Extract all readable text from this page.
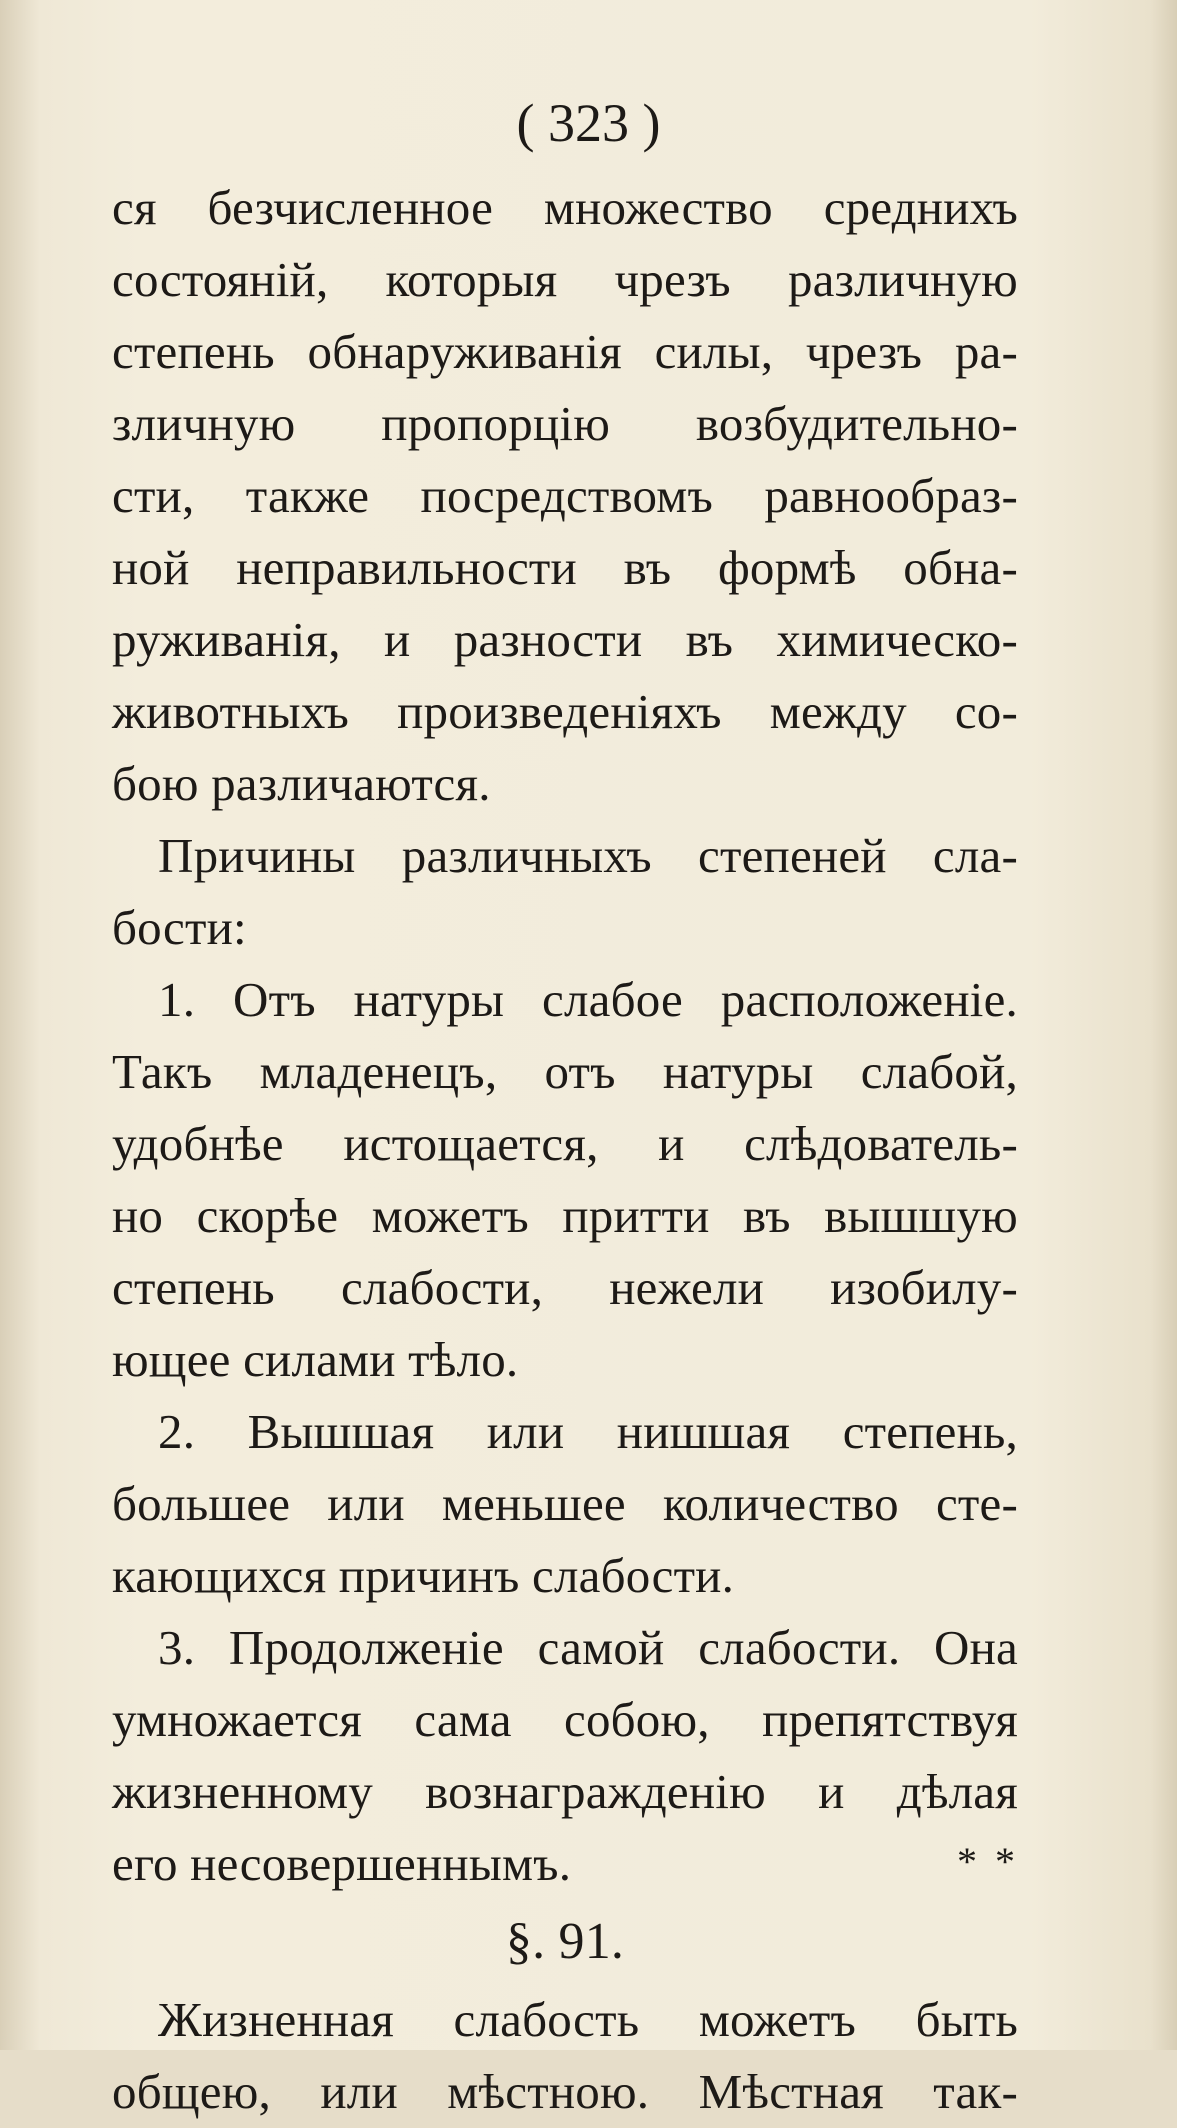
( 323 )
ся безчисленное множество среднихъ
состояній, которыя чрезъ различную
степень обнаруживанія силы, чрезъ ра-
зличную пропорцію возбудительно-
сти, также посредствомъ равнообраз-
ной неправильности въ формѣ обна-
руживанія, и разности въ химическо-
животныхъ произведеніяхъ между со-
бою различаются.
Причины различныхъ степеней сла-
бости:
1. Отъ натуры слабое расположеніе.
Такъ младенецъ, отъ натуры слабой,
удобнѣе истощается, и слѣдователь-
но скорѣе можетъ притти въ вышшую
степень слабости, нежели изобилу-
ющее силами тѣло.
2. Вышшая или нишшая степень,
большее или меньшее количество сте-
кающихся причинъ слабости.
3. Продолженіе самой слабости. Она
умножается сама собою, препятствуя
жизненному вознагражденію и дѣлая
его несовершеннымъ.
§. 91.
Жизненная слабость можетъ быть
общею, или мѣстною. Мѣстная так-
* *
